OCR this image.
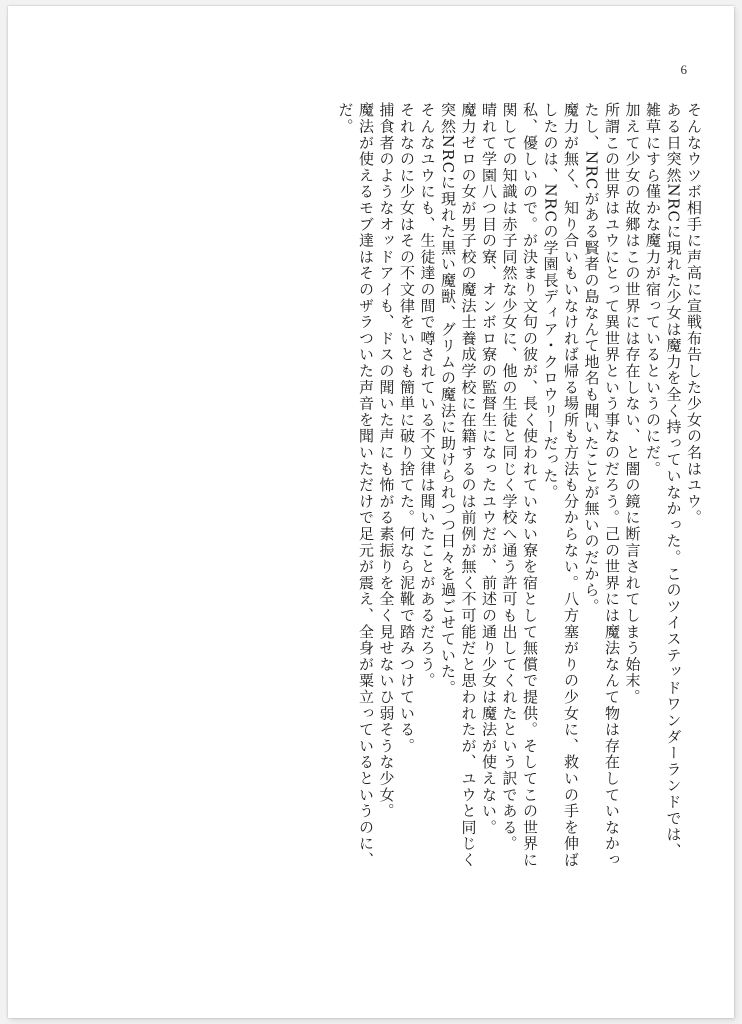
6

そんなウツボ相手に声高に宣戦布告した少女の名はユウ。

ある日突然NRCに現れた少女は魔力を全く持っていなかった。このツイステッドワンダーランドでは、

雑草にすら僅かな魔力が宿っているというのにだ。

加えて少女の故郷はこの世界には存在しない、と闇の鏡に断言されてしまう始末。

所謂この世界はユウにとって異世界という事なのだろう。己の世界には魔法なんて物は存在していなかっ

たし、NRCがある賢者の島なんて地名も聞いたことが無いのだから。

魔力が無く、知り合いもいなければ帰る場所も方法も分からない。八方塞がりの少女に、救いの手を伸ば

したのは、NRCの学園長ディア・クロウリーだった。

私、優しいので。が決まり文句の彼が、長く使われていない寮を宿として無償で提供。そしてこの世界に

関しての知識は赤子同然な少女に、他の生徒と同じく学校へ通う許可も出してくれたという訳である。

晴れて学園八つ目の寮、オンボロ寮の監督生になったユウだが、前述の通り少女は魔法が使えない。

魔力ゼロの女が男子校の魔法士養成学校に在籍するのは前例が無く不可能だと思われたが、ユウと同じく

突然NRCに現れた黒い魔獣、グリムの魔法に助けられつつ日々を過ごせていた。

そんなユウにも、生徒達の間で噂されている不文律は聞いたことがあるだろう。

それなのに少女はその不文律をいとも簡単に破り捨てた。何なら泥靴で踏みつけている。

捕食者のようなオッドアイも、ドスの聞いた声にも怖がる素振りを全く見せないひ弱そうな少女。

魔法が使えるモブ達はそのザラついた声音を聞いただけで足元が震え、全身が粟立っているというのに、

だ。
